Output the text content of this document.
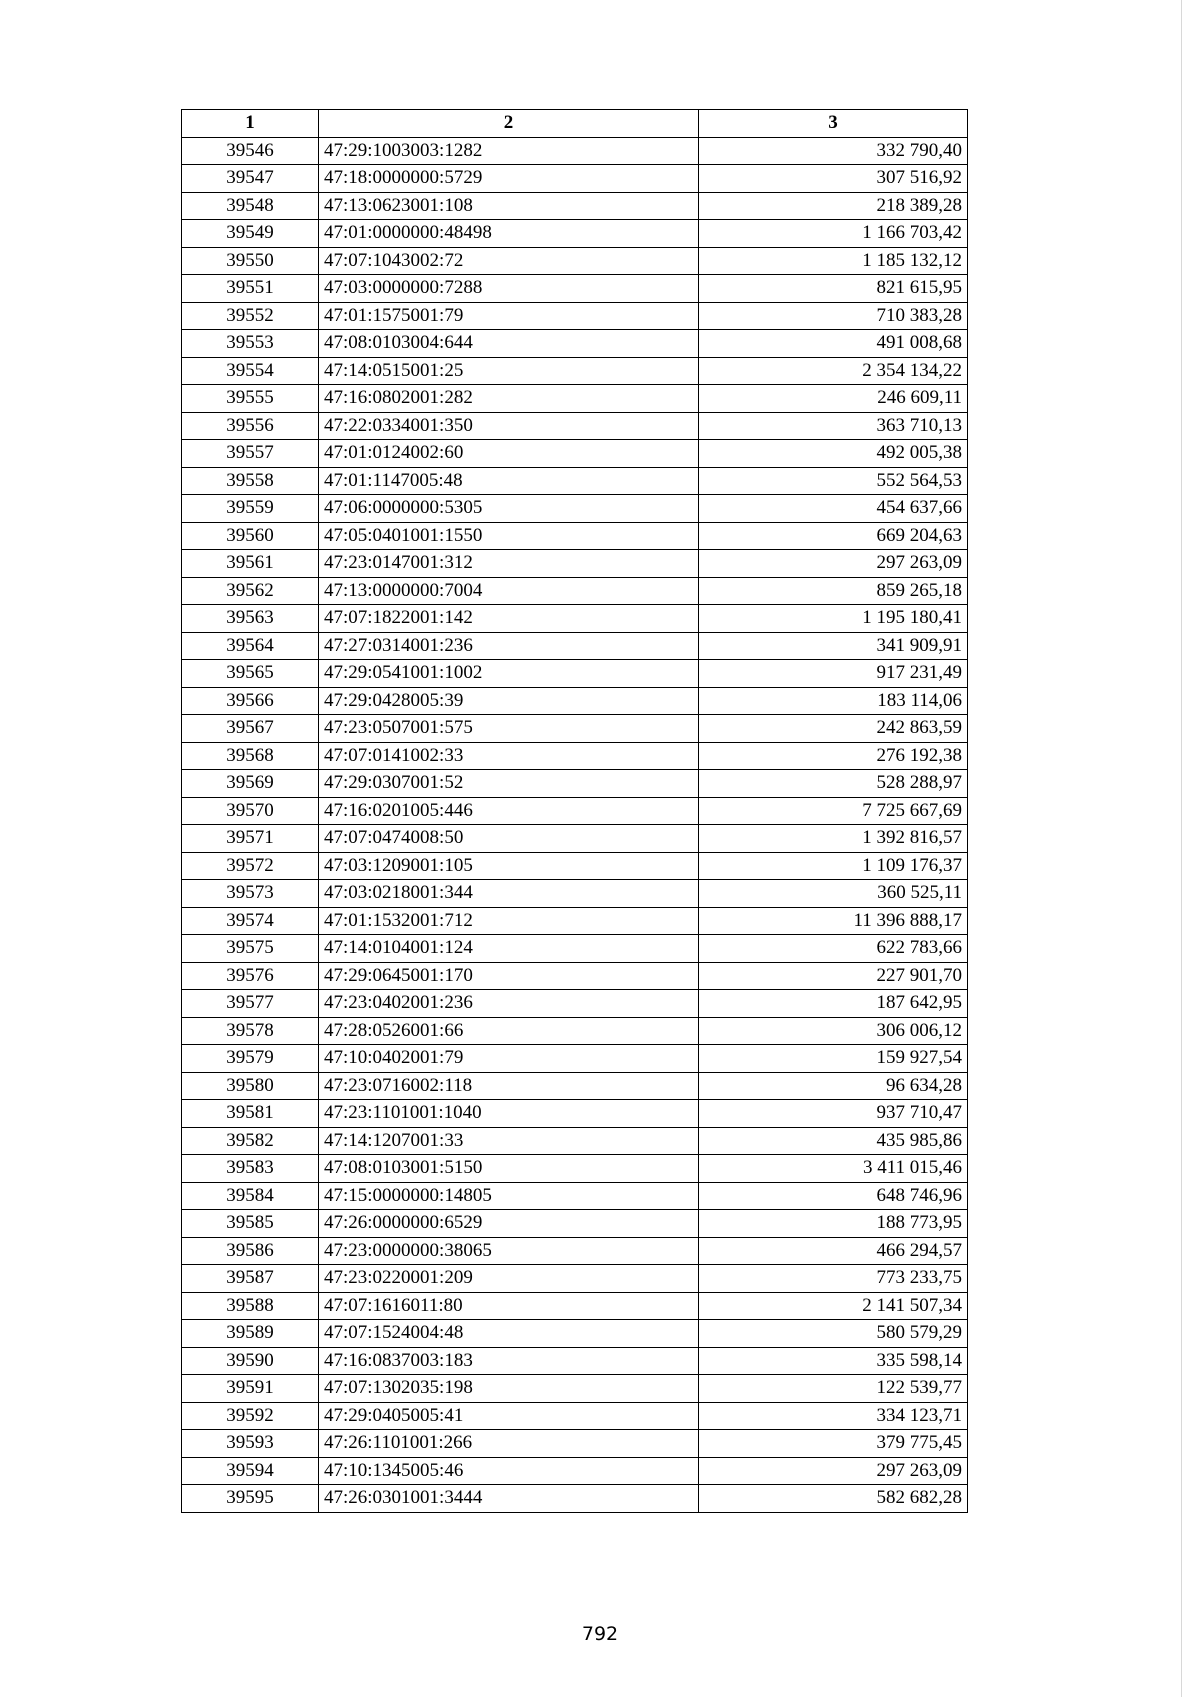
1	2	3
39546	47:29:1003003:1282	332 790,40
39547	47:18:0000000:5729	307 516,92
39548	47:13:0623001:108	218 389,28
39549	47:01:0000000:48498	1 166 703,42
39550	47:07:1043002:72	1 185 132,12
39551	47:03:0000000:7288	821 615,95
39552	47:01:1575001:79	710 383,28
39553	47:08:0103004:644	491 008,68
39554	47:14:0515001:25	2 354 134,22
39555	47:16:0802001:282	246 609,11
39556	47:22:0334001:350	363 710,13
39557	47:01:0124002:60	492 005,38
39558	47:01:1147005:48	552 564,53
39559	47:06:0000000:5305	454 637,66
39560	47:05:0401001:1550	669 204,63
39561	47:23:0147001:312	297 263,09
39562	47:13:0000000:7004	859 265,18
39563	47:07:1822001:142	1 195 180,41
39564	47:27:0314001:236	341 909,91
39565	47:29:0541001:1002	917 231,49
39566	47:29:0428005:39	183 114,06
39567	47:23:0507001:575	242 863,59
39568	47:07:0141002:33	276 192,38
39569	47:29:0307001:52	528 288,97
39570	47:16:0201005:446	7 725 667,69
39571	47:07:0474008:50	1 392 816,57
39572	47:03:1209001:105	1 109 176,37
39573	47:03:0218001:344	360 525,11
39574	47:01:1532001:712	11 396 888,17
39575	47:14:0104001:124	622 783,66
39576	47:29:0645001:170	227 901,70
39577	47:23:0402001:236	187 642,95
39578	47:28:0526001:66	306 006,12
39579	47:10:0402001:79	159 927,54
39580	47:23:0716002:118	96 634,28
39581	47:23:1101001:1040	937 710,47
39582	47:14:1207001:33	435 985,86
39583	47:08:0103001:5150	3 411 015,46
39584	47:15:0000000:14805	648 746,96
39585	47:26:0000000:6529	188 773,95
39586	47:23:0000000:38065	466 294,57
39587	47:23:0220001:209	773 233,75
39588	47:07:1616011:80	2 141 507,34
39589	47:07:1524004:48	580 579,29
39590	47:16:0837003:183	335 598,14
39591	47:07:1302035:198	122 539,77
39592	47:29:0405005:41	334 123,71
39593	47:26:1101001:266	379 775,45
39594	47:10:1345005:46	297 263,09
39595	47:26:0301001:3444	582 682,28
792
